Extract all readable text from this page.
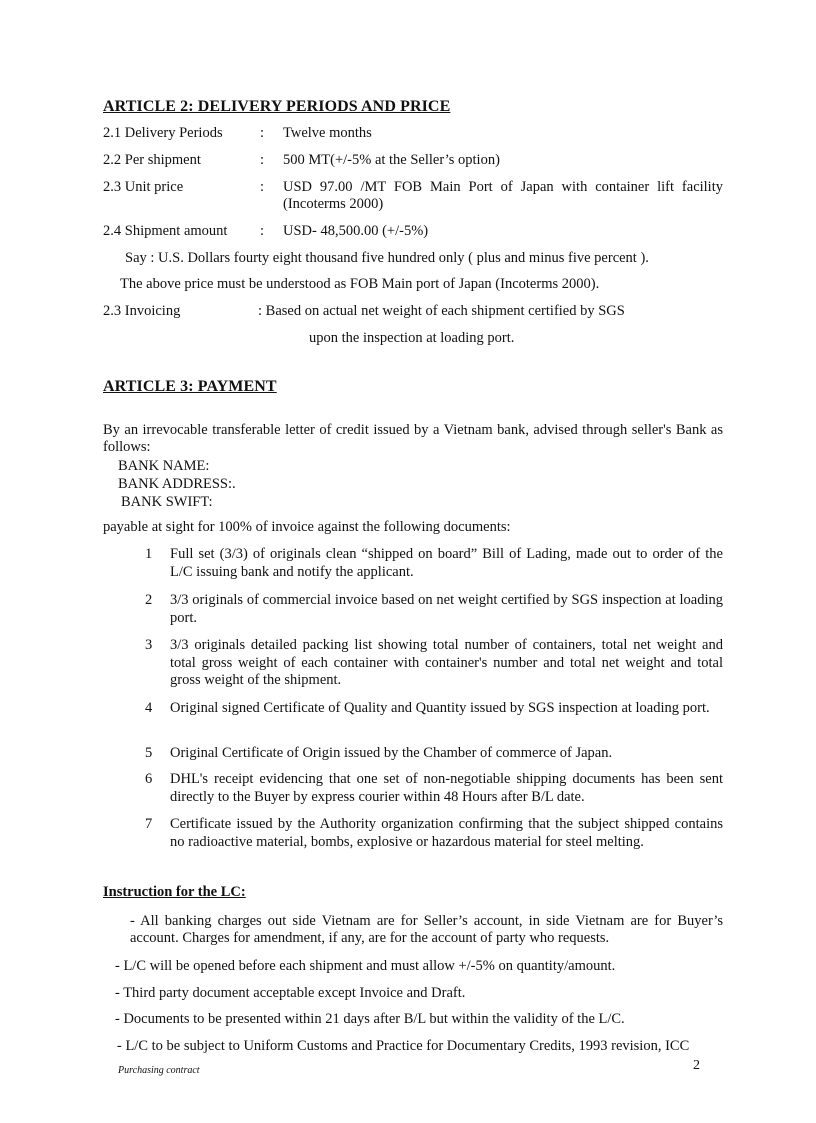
ARTICLE 2: DELIVERY PERIODS AND PRICE
2.1 Delivery Periods	: Twelve months
2.2 Per shipment	: 500 MT(+/-5% at the Seller’s option)
2.3 Unit price	: USD 97.00 /MT FOB Main Port of Japan with container lift facility (Incoterms 2000)
2.4 Shipment amount : USD- 48,500.00 (+/-5%)
Say : U.S. Dollars fourty eight thousand five hundred only ( plus and minus five percent ).
The above price must be understood as FOB Main port of Japan (Incoterms 2000).
2.3 Invoicing	: Based on actual net weight of each shipment certified by SGS
upon the inspection at loading port.
ARTICLE 3: PAYMENT
By an irrevocable transferable letter of credit issued by a Vietnam bank, advised through seller's Bank as follows:
BANK NAME:
BANK ADDRESS:.
BANK SWIFT:
payable at sight for 100% of invoice against the following documents:
1	Full set (3/3) of originals clean “shipped on board” Bill of Lading, made out to order of the L/C issuing bank and notify the applicant.
2	3/3 originals of commercial invoice based on net weight certified by SGS inspection at loading port.
3	3/3 originals detailed packing list showing total number of containers, total net weight and total gross weight of each container with container's number and total net weight and total gross weight of the shipment.
4	Original signed Certificate of Quality and Quantity issued by SGS inspection at loading port.
5	Original Certificate of Origin issued by the Chamber of commerce of Japan.
6	DHL's receipt evidencing that one set of non-negotiable shipping documents has been sent directly to the Buyer by express courier within 48 Hours after B/L date.
7	Certificate issued by the Authority organization confirming that the subject shipped contains no radioactive material, bombs, explosive or hazardous material for steel melting.
Instruction for the LC:
- All banking charges out side Vietnam are for Seller’s account, in side Vietnam are for Buyer’s account. Charges for amendment, if any, are for the account of party who requests.
- L/C will be opened before each shipment and must allow +/-5% on quantity/amount.
- Third party document acceptable except Invoice and Draft.
- Documents to be presented within 21 days after B/L but within the validity of the L/C.
- L/C to be subject to Uniform Customs and Practice for Documentary Credits, 1993 revision, ICC
Purchasing contract	2
